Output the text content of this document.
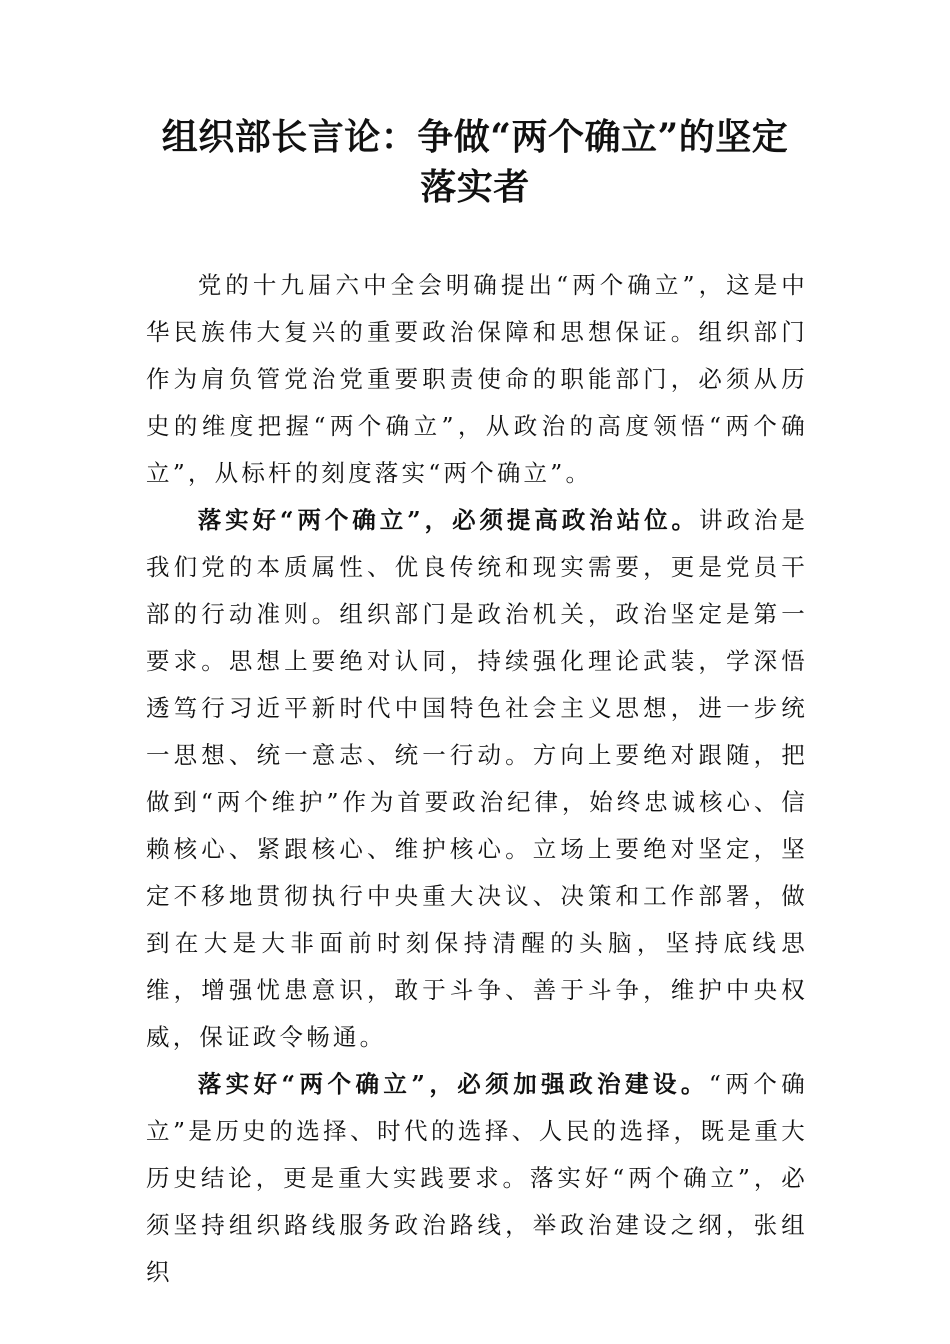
组织部长言论：争做“两个确立”的坚定
落实者

党的十九届六中全会明确提出“两个确立”，这是中华民族伟大复兴的重要政治保障和思想保证。组织部门作为肩负管党治党重要职责使命的职能部门，必须从历史的维度把握“两个确立”，从政治的高度领悟“两个确立”，从标杆的刻度落实“两个确立”。

落实好“两个确立”，必须提高政治站位。讲政治是我们党的本质属性、优良传统和现实需要，更是党员干部的行动准则。组织部门是政治机关，政治坚定是第一要求。思想上要绝对认同，持续强化理论武装，学深悟透笃行习近平新时代中国特色社会主义思想，进一步统一思想、统一意志、统一行动。方向上要绝对跟随，把做到“两个维护”作为首要政治纪律，始终忠诚核心、信赖核心、紧跟核心、维护核心。立场上要绝对坚定，坚定不移地贯彻执行中央重大决议、决策和工作部署，做到在大是大非面前时刻保持清醒的头脑，坚持底线思维，增强忧患意识，敢于斗争、善于斗争，维护中央权威，保证政令畅通。

落实好“两个确立”，必须加强政治建设。“两个确立”是历史的选择、时代的选择、人民的选择，既是重大历史结论，更是重大实践要求。落实好“两个确立”，必须坚持组织路线服务政治路线，举政治建设之纲，张组织
